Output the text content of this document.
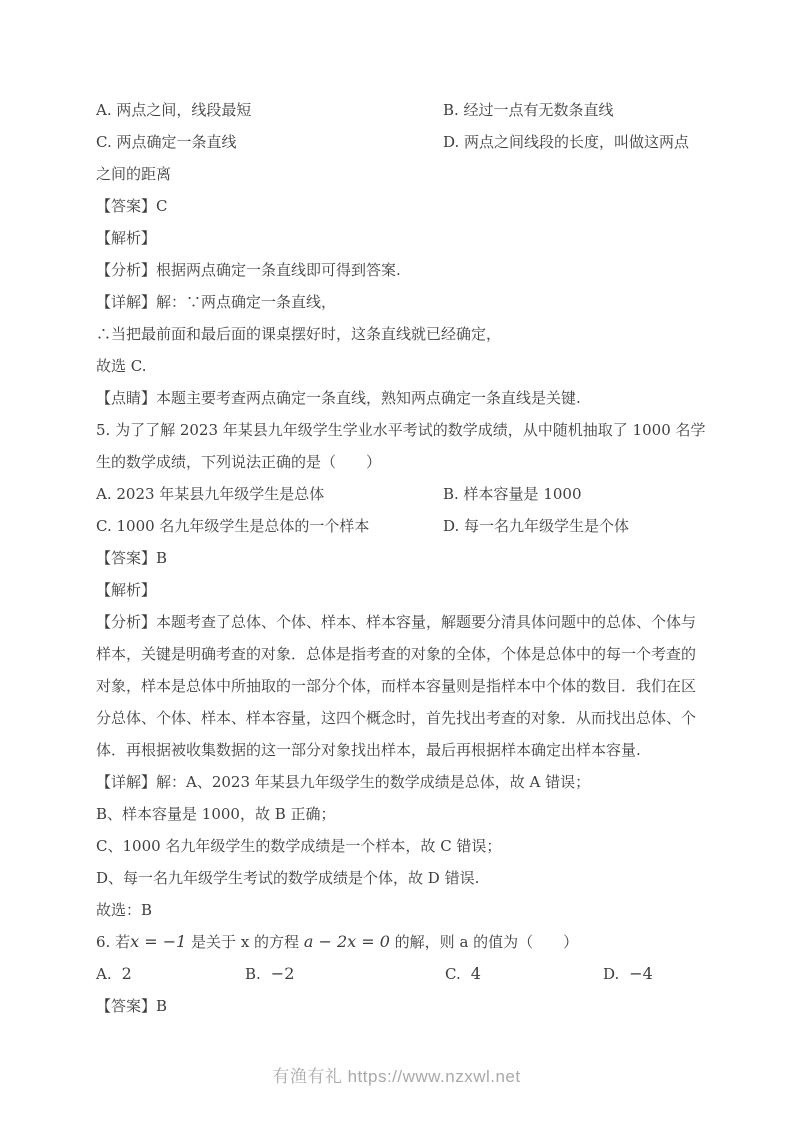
A. 两点之间，线段最短	B. 经过一点有无数条直线
C. 两点确定一条直线	D. 两点之间线段的长度，叫做这两点
之间的距离
【答案】C
【解析】
【分析】根据两点确定一条直线即可得到答案.
【详解】解：∵两点确定一条直线，
∴当把最前面和最后面的课桌摆好时，这条直线就已经确定，
故选 C.
【点睛】本题主要考查两点确定一条直线，熟知两点确定一条直线是关键.
5. 为了了解 2023 年某县九年级学生学业水平考试的数学成绩，从中随机抽取了 1000 名学
生的数学成绩，下列说法正确的是（　　）
A. 2023 年某县九年级学生是总体	B. 样本容量是 1000
C. 1000 名九年级学生是总体的一个样本	D. 每一名九年级学生是个体
【答案】B
【解析】
【分析】本题考查了总体、个体、样本、样本容量，解题要分清具体问题中的总体、个体与
样本，关键是明确考查的对象．总体是指考查的对象的全体，个体是总体中的每一个考查的
对象，样本是总体中所抽取的一部分个体，而样本容量则是指样本中个体的数目．我们在区
分总体、个体、样本、样本容量，这四个概念时，首先找出考查的对象．从而找出总体、个
体．再根据被收集数据的这一部分对象找出样本，最后再根据样本确定出样本容量.
【详解】解：A、2023 年某县九年级学生的数学成绩是总体，故 A 错误；
B、样本容量是 1000，故 B 正确；
C、1000 名九年级学生的数学成绩是一个样本，故 C 错误；
D、每一名九年级学生考试的数学成绩是个体，故 D 错误.
故选：B
6. 若x = −1 是关于 x 的方程 a − 2x = 0 的解，则 a 的值为（　　）
A. 2	B. −2	C. 4	D. −4
【答案】B
有渔有礼 https://www.nzxwl.net
